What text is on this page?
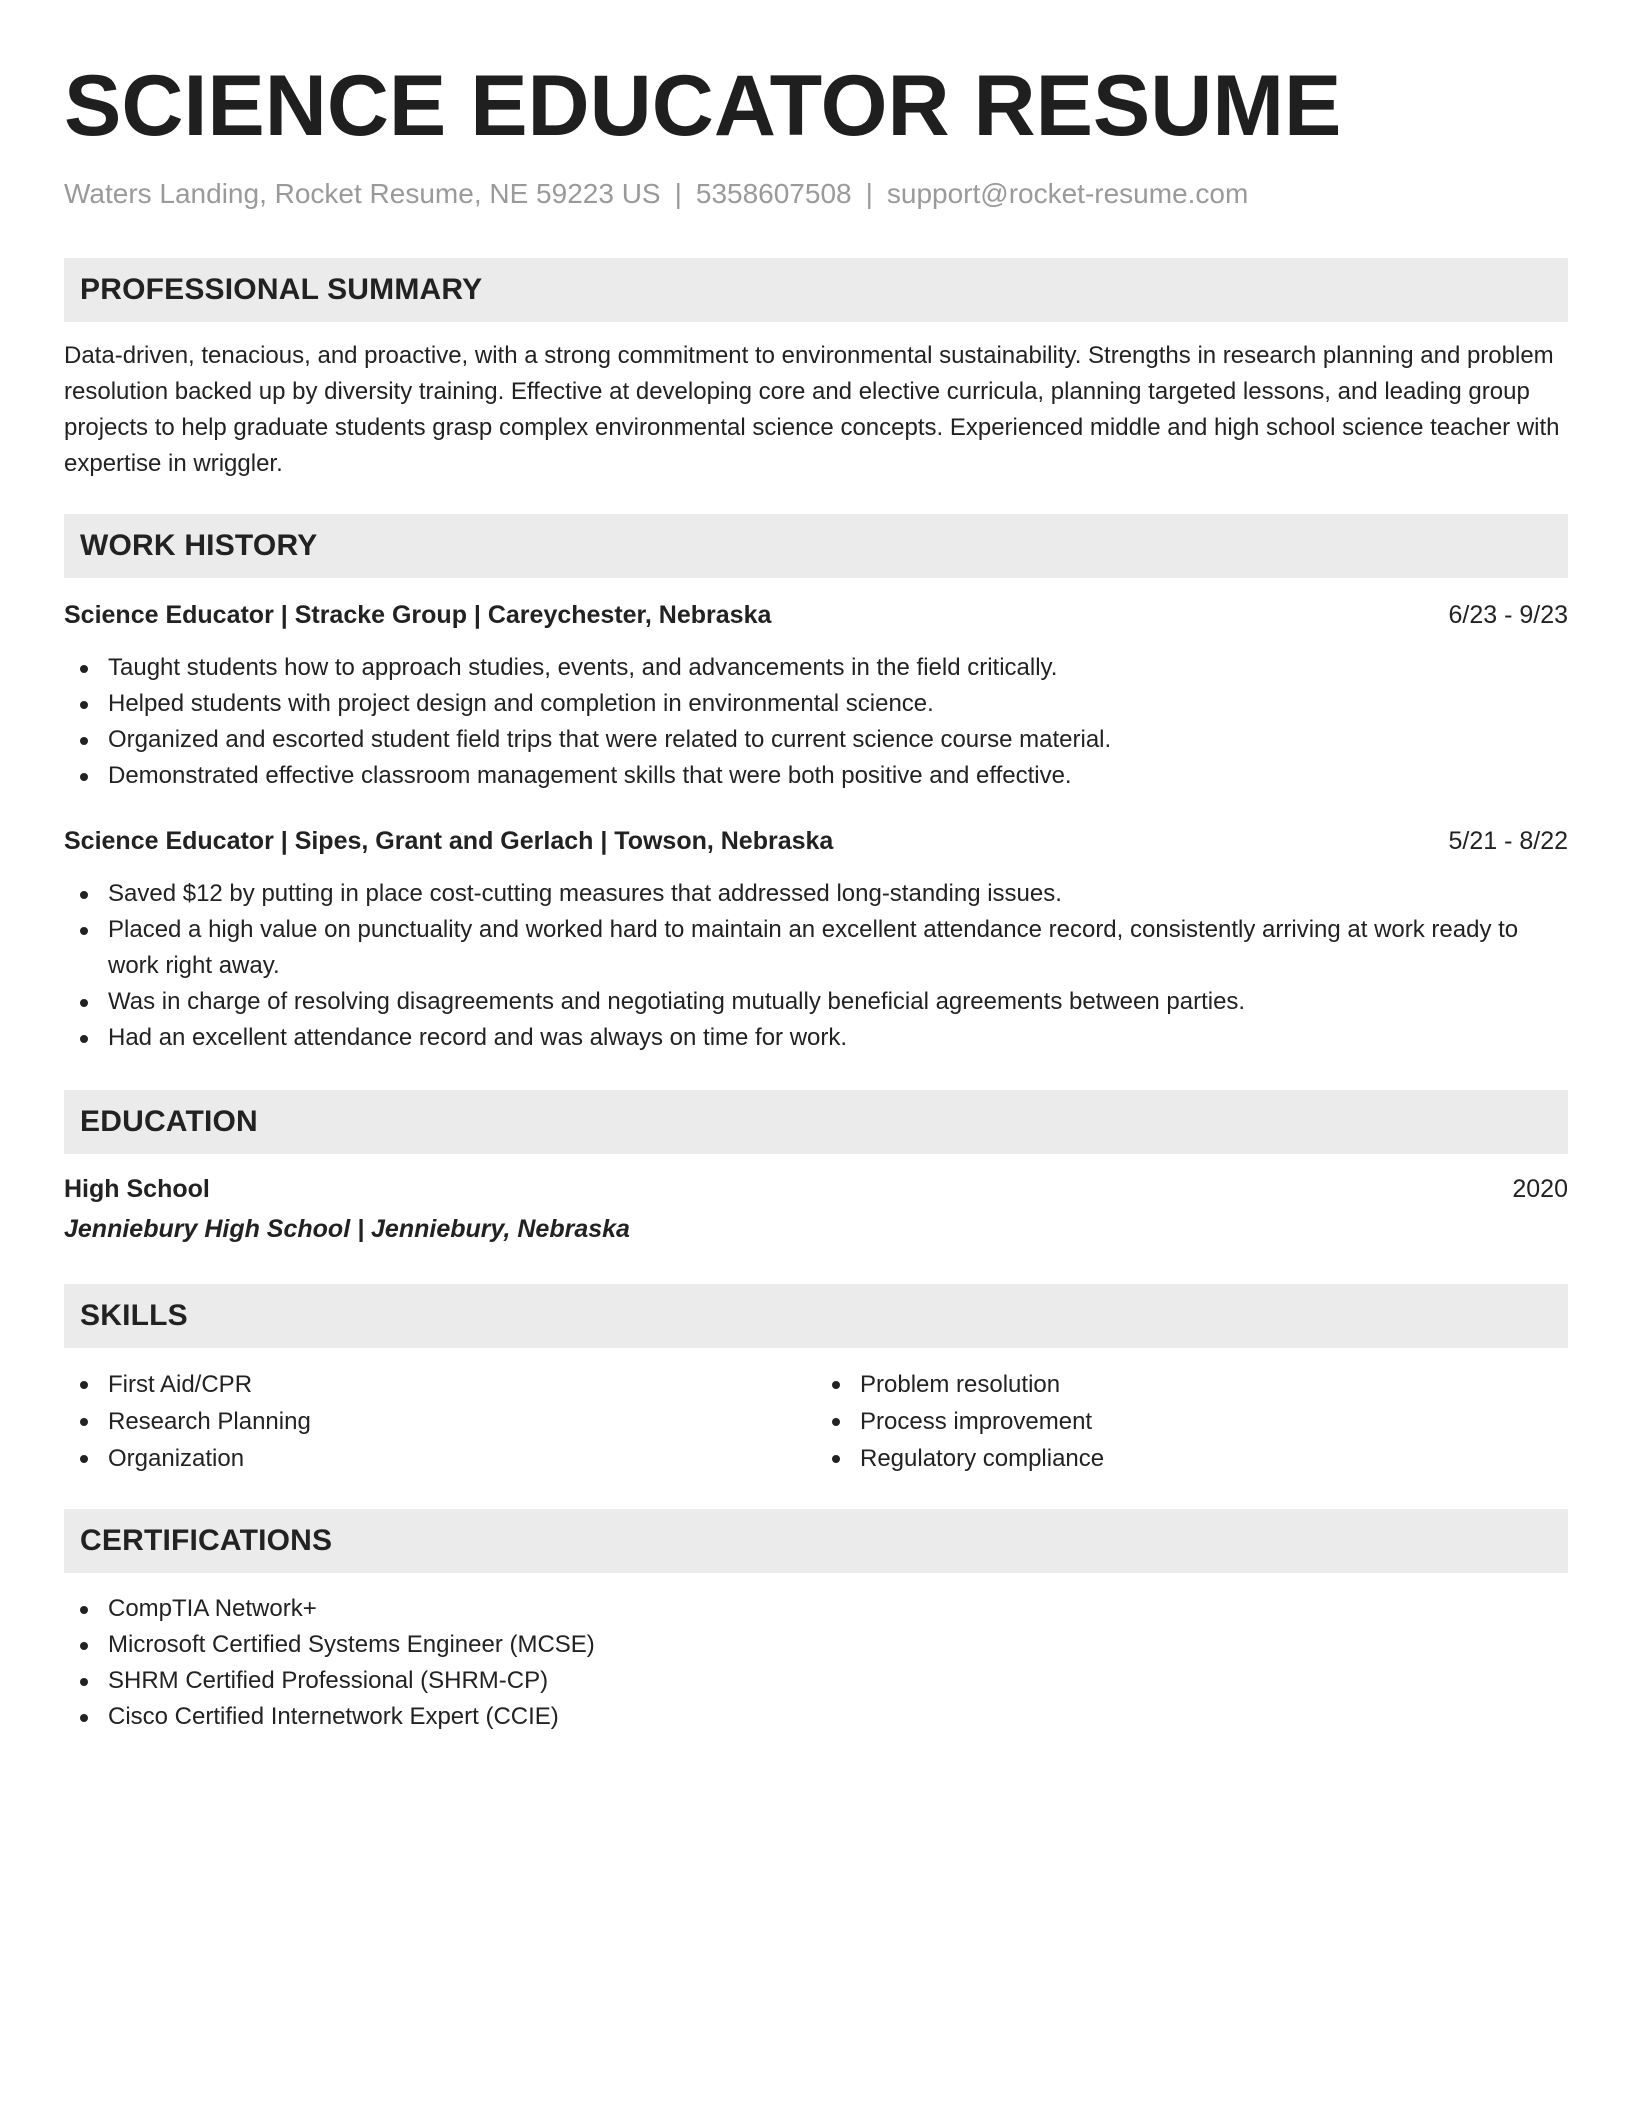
SCIENCE EDUCATOR RESUME
Waters Landing, Rocket Resume, NE 59223 US | 5358607508 | support@rocket-resume.com
PROFESSIONAL SUMMARY
Data-driven, tenacious, and proactive, with a strong commitment to environmental sustainability. Strengths in research planning and problem resolution backed up by diversity training. Effective at developing core and elective curricula, planning targeted lessons, and leading group projects to help graduate students grasp complex environmental science concepts. Experienced middle and high school science teacher with expertise in wriggler.
WORK HISTORY
Science Educator | Stracke Group | Careychester, Nebraska	6/23 - 9/23
Taught students how to approach studies, events, and advancements in the field critically.
Helped students with project design and completion in environmental science.
Organized and escorted student field trips that were related to current science course material.
Demonstrated effective classroom management skills that were both positive and effective.
Science Educator | Sipes, Grant and Gerlach | Towson, Nebraska	5/21 - 8/22
Saved $12 by putting in place cost-cutting measures that addressed long-standing issues.
Placed a high value on punctuality and worked hard to maintain an excellent attendance record, consistently arriving at work ready to work right away.
Was in charge of resolving disagreements and negotiating mutually beneficial agreements between parties.
Had an excellent attendance record and was always on time for work.
EDUCATION
High School	2020
Jenniebury High School | Jenniebury, Nebraska
SKILLS
First Aid/CPR
Research Planning
Organization
Problem resolution
Process improvement
Regulatory compliance
CERTIFICATIONS
CompTIA Network+
Microsoft Certified Systems Engineer (MCSE)
SHRM Certified Professional (SHRM-CP)
Cisco Certified Internetwork Expert (CCIE)
